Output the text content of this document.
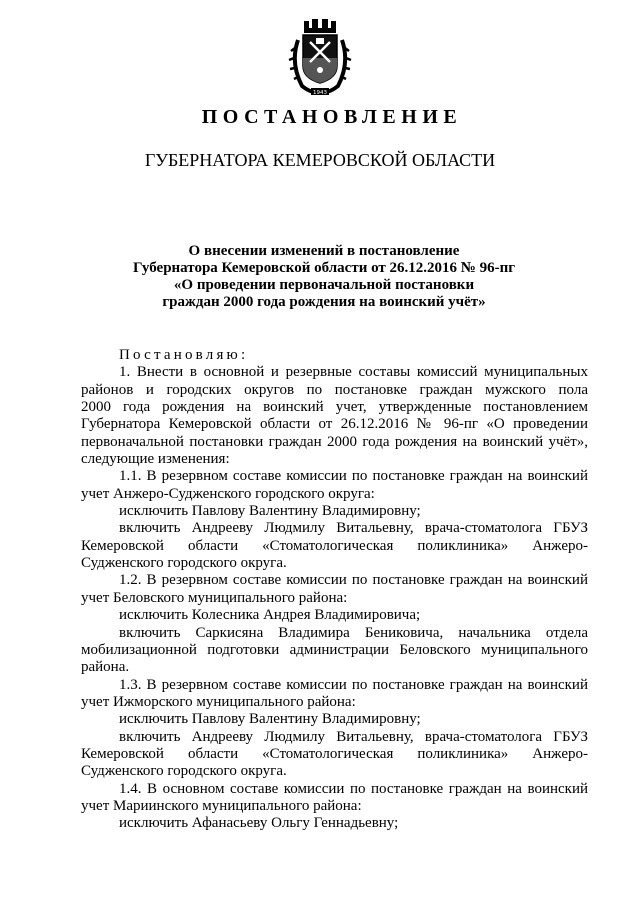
1943
ПОСТАНОВЛЕНИЕ
ГУБЕРНАТОРА КЕМЕРОВСКОЙ ОБЛАСТИ
О внесении изменений в постановление
Губернатора Кемеровской области от 26.12.2016 № 96-пг
«О проведении первоначальной постановки
граждан 2000 года рождения на воинский учёт»

Постановляю:

1. Внести в основной и резервные составы комиссий муниципальных

районов и городских округов по постановке граждан мужского пола

2000 года рождения на воинский учет, утвержденные постановлением

Губернатора Кемеровской области от 26.12.2016 № 96-пг «О проведении

первоначальной постановки граждан 2000 года рождения на воинский учёт»,

следующие изменения:

1.1. В резервном составе комиссии по постановке граждан на воинский

учет Анжеро-Судженского городского округа:

исключить Павлову Валентину Владимировну;

включить Андрееву Людмилу Витальевну, врача-стоматолога ГБУЗ

Кемеровской области «Стоматологическая поликлиника» Анжеро-

Судженского городского округа.

1.2. В резервном составе комиссии по постановке граждан на воинский

учет Беловского муниципального района:

исключить Колесника Андрея Владимировича;

включить Саркисяна Владимира Бениковича, начальника отдела

мобилизационной подготовки администрации Беловского муниципального

района.

1.3. В резервном составе комиссии по постановке граждан на воинский

учет Ижморского муниципального района:

исключить Павлову Валентину Владимировну;

включить Андрееву Людмилу Витальевну, врача-стоматолога ГБУЗ

Кемеровской области «Стоматологическая поликлиника» Анжеро-

Судженского городского округа.

1.4. В основном составе комиссии по постановке граждан на воинский

учет Мариинского муниципального района:

исключить Афанасьеву Ольгу Геннадьевну;
